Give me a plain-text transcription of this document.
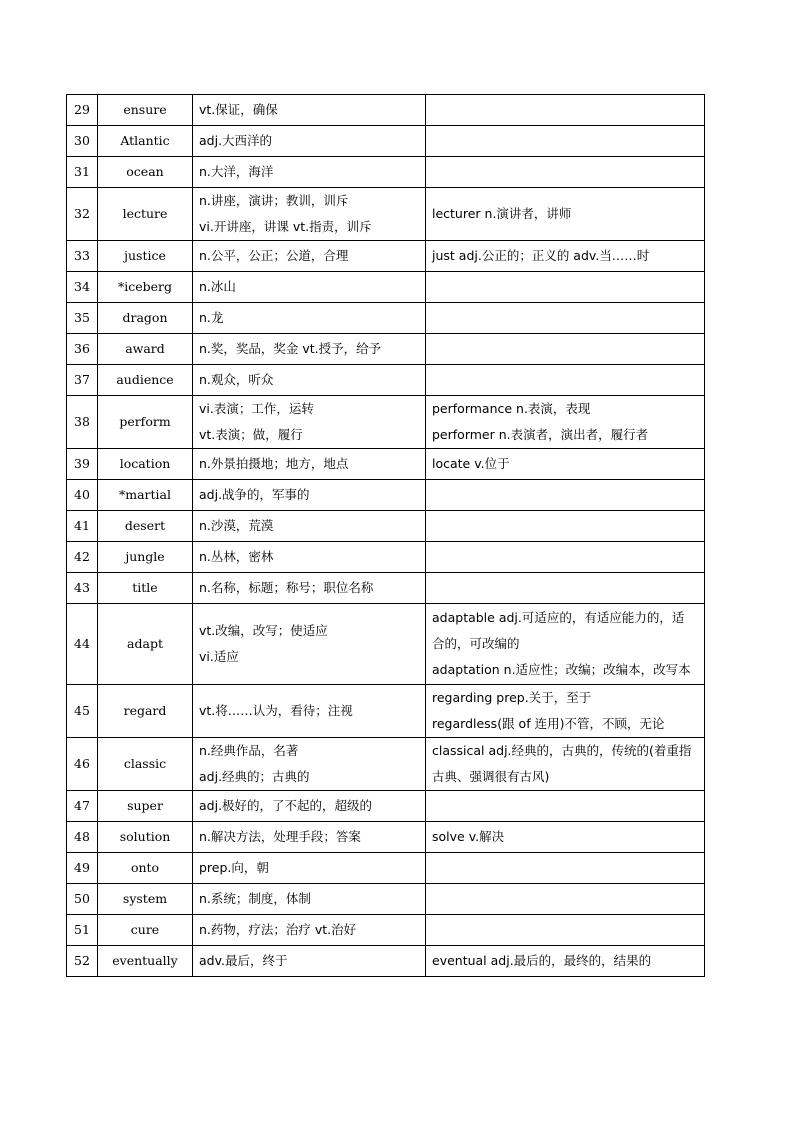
29	ensure	vt.保证，确保	

30	Atlantic	adj.大西洋的	

31	ocean	n.大洋，海洋	

32	lecture	n.讲座，演讲；教训，训斥
vi.开讲座，讲课 vt.指责，训斥	lecturer n.演讲者，讲师

33	justice	n.公平，公正；公道，合理	just adj.公正的；正义的 adv.当……时

34	*iceberg	n.冰山	

35	dragon	n.龙	

36	award	n.奖，奖品，奖金 vt.授予，给予	

37	audience	n.观众，听众	

38	perform	vi.表演；工作，运转
vt.表演；做，履行	performance n.表演，表现
performer n.表演者，演出者，履行者

39	location	n.外景拍摄地；地方，地点	locate v.位于

40	*martial	adj.战争的，军事的	

41	desert	n.沙漠，荒漠	

42	jungle	n.丛林，密林	

43	title	n.名称，标题；称号；职位名称	

44	adapt	vt.改编，改写；使适应
vi.适应	adaptable adj.可适应的，有适应能力的，适
合的，可改编的
adaptation n.适应性；改编；改编本，改写本

45	regard	vt.将……认为，看待；注视	regarding prep.关于，至于
regardless(跟 of 连用)不管，不顾，无论

46	classic	n.经典作品，名著
adj.经典的；古典的	classical adj.经典的，古典的，传统的(着重指
古典、强调很有古风)

47	super	adj.极好的，了不起的，超级的	

48	solution	n.解决方法，处理手段；答案	solve v.解决

49	onto	prep.向，朝	

50	system	n.系统；制度，体制	

51	cure	n.药物，疗法；治疗 vt.治好	

52	eventually	adv.最后，终于	eventual adj.最后的，最终的，结果的
